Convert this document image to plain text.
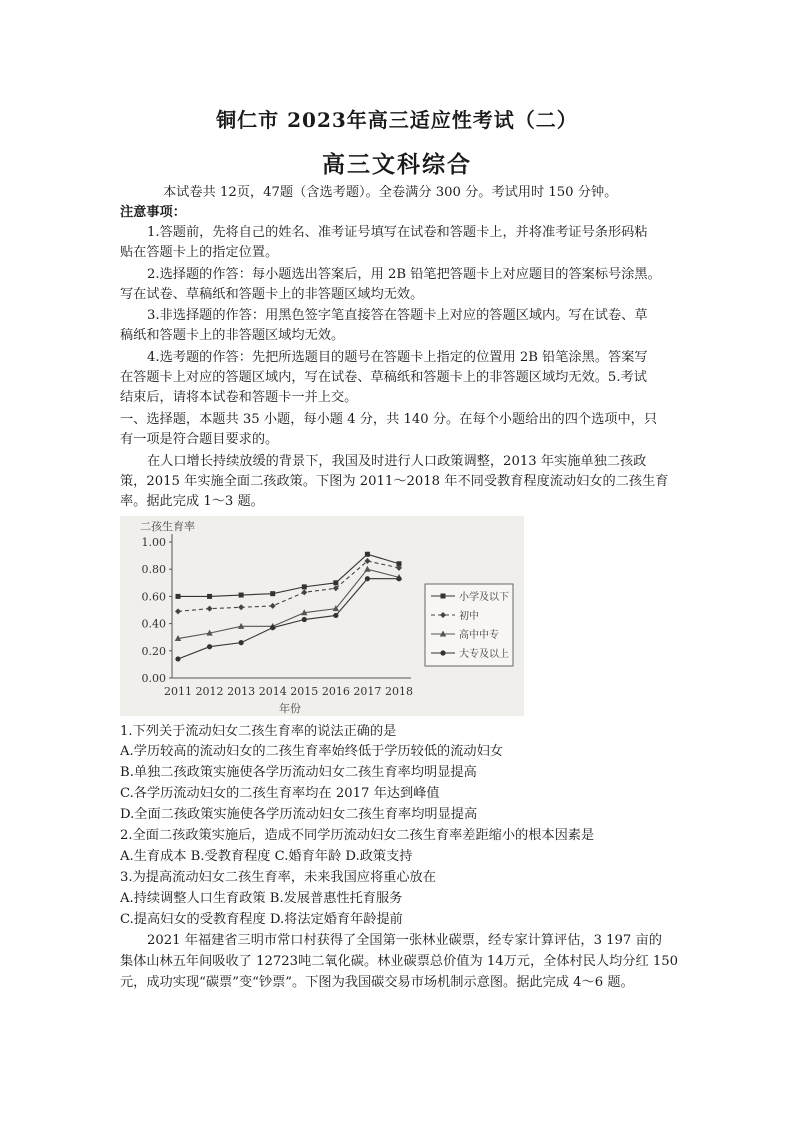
铜仁市 2023年高三适应性考试（二）
高三文科综合
本试卷共 12页，47题（含选考题）。全卷满分 300 分。考试用时 150 分钟。
注意事项：
1.答题前，先将自己的姓名、准考证号填写在试卷和答题卡上，并将准考证号条形码粘
贴在答题卡上的指定位置。
2.选择题的作答：每小题选出答案后，用 2B 铅笔把答题卡上对应题目的答案标号涂黑。
写在试卷、草稿纸和答题卡上的非答题区域均无效。
3.非选择题的作答：用黑色签字笔直接答在答题卡上对应的答题区域内。写在试卷、草
稿纸和答题卡上的非答题区域均无效。
4.选考题的作答：先把所选题目的题号在答题卡上指定的位置用 2B 铅笔涂黑。答案写
在答题卡上对应的答题区域内，写在试卷、草稿纸和答题卡上的非答题区域均无效。5.考试
结束后，请将本试卷和答题卡一并上交。
一、选择题，本题共 35 小题，每小题 4 分，共 140 分。在每个小题给出的四个选项中，只
有一项是符合题目要求的。
在人口增长持续放缓的背景下，我国及时进行人口政策调整，2013 年实施单独二孩政
策，2015 年实施全面二孩政策。下图为 2011～2018 年不同受教育程度流动妇女的二孩生育
率。据此完成 1～3 题。
二孩生育率
0.00
0.20
0.40
0.60
0.80
1.00
2011 2012 2013 2014 2015 2016 2017 2018
年份
小学及以下
初中
高中中专
大专及以上
1.下列关于流动妇女二孩生育率的说法正确的是
A.学历较高的流动妇女的二孩生育率始终低于学历较低的流动妇女
B.单独二孩政策实施使各学历流动妇女二孩生育率均明显提高
C.各学历流动妇女的二孩生育率均在 2017 年达到峰值
D.全面二孩政策实施使各学历流动妇女二孩生育率均明显提高
2.全面二孩政策实施后，造成不同学历流动妇女二孩生育率差距缩小的根本因素是
A.生育成本 B.受教育程度 C.婚育年龄 D.政策支持
3.为提高流动妇女二孩生育率，未来我国应将重心放在
A.持续调整人口生育政策 B.发展普惠性托育服务
C.提高妇女的受教育程度 D.将法定婚育年龄提前
2021 年福建省三明市常口村获得了全国第一张林业碳票，经专家计算评估，3 197 亩的
集体山林五年间吸收了 12723吨二氧化碳。林业碳票总价值为 14万元，全体村民人均分红 150
元，成功实现“碳票”变“钞票”。下图为我国碳交易市场机制示意图。据此完成 4～6 题。
